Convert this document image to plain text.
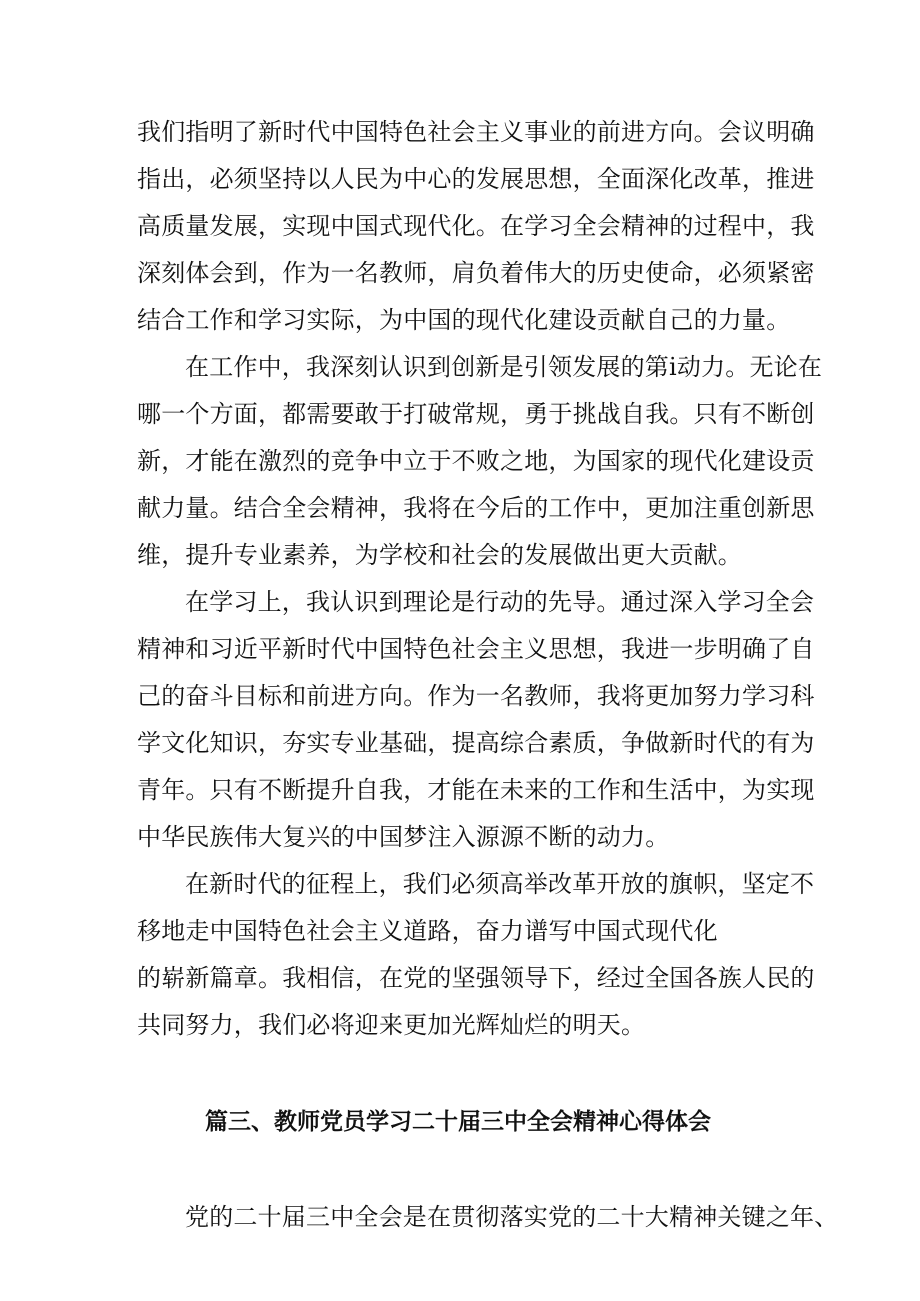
我们指明了新时代中国特色社会主义事业的前进方向。会议明确
指出，必须坚持以人民为中心的发展思想，全面深化改革，推进
高质量发展，实现中国式现代化。在学习全会精神的过程中，我
深刻体会到，作为一名教师，肩负着伟大的历史使命，必须紧密
结合工作和学习实际，为中国的现代化建设贡献自己的力量。
在工作中，我深刻认识到创新是引领发展的第i动力。无论在
哪一个方面，都需要敢于打破常规，勇于挑战自我。只有不断创
新，才能在激烈的竞争中立于不败之地，为国家的现代化建设贡
献力量。结合全会精神，我将在今后的工作中，更加注重创新思
维，提升专业素养，为学校和社会的发展做出更大贡献。
在学习上，我认识到理论是行动的先导。通过深入学习全会
精神和习近平新时代中国特色社会主义思想，我进一步明确了自
己的奋斗目标和前进方向。作为一名教师，我将更加努力学习科
学文化知识，夯实专业基础，提高综合素质，争做新时代的有为
青年。只有不断提升自我，才能在未来的工作和生活中，为实现
中华民族伟大复兴的中国梦注入源源不断的动力。
在新时代的征程上，我们必须高举改革开放的旗帜，坚定不
移地走中国特色社会主义道路，奋力谱写中国式现代化
的崭新篇章。我相信，在党的坚强领导下，经过全国各族人民的
共同努力，我们必将迎来更加光辉灿烂的明天。
篇三、教师党员学习二十届三中全会精神心得体会
党的二十届三中全会是在贯彻落实党的二十大精神关键之年、
